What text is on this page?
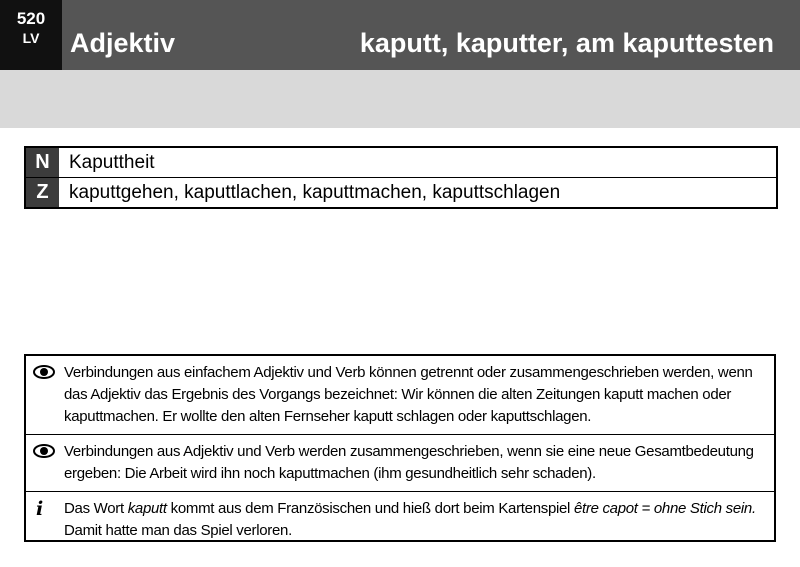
520
LV	Adjektiv	kaputt, kaputter, am kaputtesten
N	Kaputtheit
Z	kaputtgehen, kaputtlachen, kaputtmachen, kaputtschlagen
Verbindungen aus einfachem Adjektiv und Verb können getrennt oder zusammengeschrieben werden, wenn das Adjektiv das Ergebnis des Vorgangs bezeichnet: Wir können die alten Zeitungen kaputt machen oder kaputtmachen. Er wollte den alten Fernseher kaputt schlagen oder kaputtschlagen.
Verbindungen aus Adjektiv und Verb werden zusammengeschrieben, wenn sie eine neue Gesamtbedeutung ergeben: Die Arbeit wird ihn noch kaputtmachen (ihm gesundheitlich sehr schaden).
i Das Wort kaputt kommt aus dem Französischen und hieß dort beim Kartenspiel être capot = ohne Stich sein. Damit hatte man das Spiel verloren.
